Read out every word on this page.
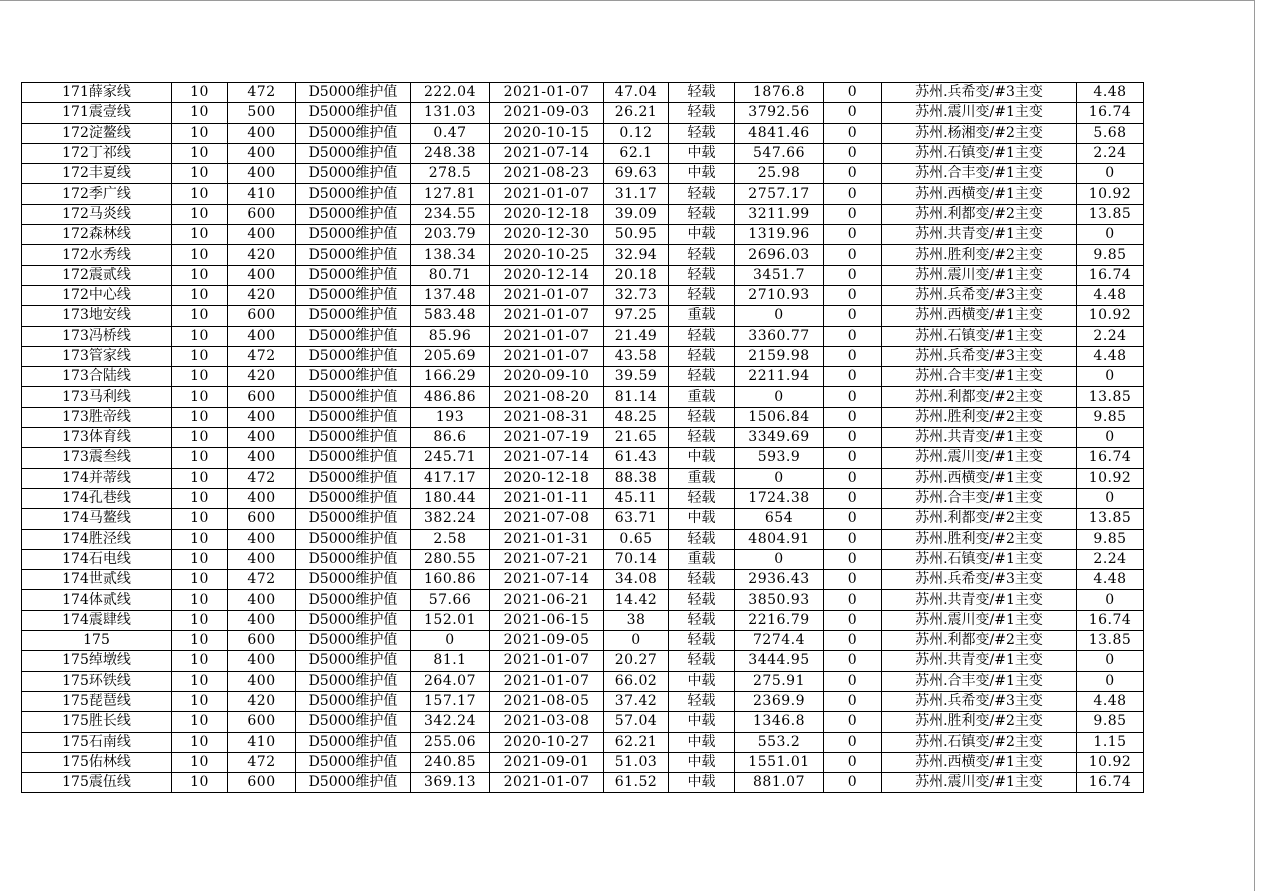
171薛家线	10	472	D5000维护值	222.04	2021-01-07	47.04	轻载	1876.8	0	苏州.兵希变/#3主变	4.48
171震壹线	10	500	D5000维护值	131.03	2021-09-03	26.21	轻载	3792.56	0	苏州.震川变/#1主变	16.74
172淀鳌线	10	400	D5000维护值	0.47	2020-10-15	0.12	轻载	4841.46	0	苏州.杨湘变/#2主变	5.68
172丁祁线	10	400	D5000维护值	248.38	2021-07-14	62.1	中载	547.66	0	苏州.石镇变/#1主变	2.24
172丰夏线	10	400	D5000维护值	278.5	2021-08-23	69.63	中载	25.98	0	苏州.合丰变/#1主变	0
172季广线	10	410	D5000维护值	127.81	2021-01-07	31.17	轻载	2757.17	0	苏州.西横变/#1主变	10.92
172马炎线	10	600	D5000维护值	234.55	2020-12-18	39.09	轻载	3211.99	0	苏州.利都变/#2主变	13.85
172森林线	10	400	D5000维护值	203.79	2020-12-30	50.95	中载	1319.96	0	苏州.共青变/#1主变	0
172水秀线	10	420	D5000维护值	138.34	2020-10-25	32.94	轻载	2696.03	0	苏州.胜利变/#2主变	9.85
172震贰线	10	400	D5000维护值	80.71	2020-12-14	20.18	轻载	3451.7	0	苏州.震川变/#1主变	16.74
172中心线	10	420	D5000维护值	137.48	2021-01-07	32.73	轻载	2710.93	0	苏州.兵希变/#3主变	4.48
173地安线	10	600	D5000维护值	583.48	2021-01-07	97.25	重载	0	0	苏州.西横变/#1主变	10.92
173冯桥线	10	400	D5000维护值	85.96	2021-01-07	21.49	轻载	3360.77	0	苏州.石镇变/#1主变	2.24
173管家线	10	472	D5000维护值	205.69	2021-01-07	43.58	轻载	2159.98	0	苏州.兵希变/#3主变	4.48
173合陆线	10	420	D5000维护值	166.29	2020-09-10	39.59	轻载	2211.94	0	苏州.合丰变/#1主变	0
173马利线	10	600	D5000维护值	486.86	2021-08-20	81.14	重载	0	0	苏州.利都变/#2主变	13.85
173胜帝线	10	400	D5000维护值	193	2021-08-31	48.25	轻载	1506.84	0	苏州.胜利变/#2主变	9.85
173体育线	10	400	D5000维护值	86.6	2021-07-19	21.65	轻载	3349.69	0	苏州.共青变/#1主变	0
173震叁线	10	400	D5000维护值	245.71	2021-07-14	61.43	中载	593.9	0	苏州.震川变/#1主变	16.74
174并蒂线	10	472	D5000维护值	417.17	2020-12-18	88.38	重载	0	0	苏州.西横变/#1主变	10.92
174孔巷线	10	400	D5000维护值	180.44	2021-01-11	45.11	轻载	1724.38	0	苏州.合丰变/#1主变	0
174马鳌线	10	600	D5000维护值	382.24	2021-07-08	63.71	中载	654	0	苏州.利都变/#2主变	13.85
174胜泾线	10	400	D5000维护值	2.58	2021-01-31	0.65	轻载	4804.91	0	苏州.胜利变/#2主变	9.85
174石电线	10	400	D5000维护值	280.55	2021-07-21	70.14	重载	0	0	苏州.石镇变/#1主变	2.24
174世贰线	10	472	D5000维护值	160.86	2021-07-14	34.08	轻载	2936.43	0	苏州.兵希变/#3主变	4.48
174体贰线	10	400	D5000维护值	57.66	2021-06-21	14.42	轻载	3850.93	0	苏州.共青变/#1主变	0
174震肆线	10	400	D5000维护值	152.01	2021-06-15	38	轻载	2216.79	0	苏州.震川变/#1主变	16.74
175	10	600	D5000维护值	0	2021-09-05	0	轻载	7274.4	0	苏州.利都变/#2主变	13.85
175绰墩线	10	400	D5000维护值	81.1	2021-01-07	20.27	轻载	3444.95	0	苏州.共青变/#1主变	0
175环铁线	10	400	D5000维护值	264.07	2021-01-07	66.02	中载	275.91	0	苏州.合丰变/#1主变	0
175琵琶线	10	420	D5000维护值	157.17	2021-08-05	37.42	轻载	2369.9	0	苏州.兵希变/#3主变	4.48
175胜长线	10	600	D5000维护值	342.24	2021-03-08	57.04	中载	1346.8	0	苏州.胜利变/#2主变	9.85
175石南线	10	410	D5000维护值	255.06	2020-10-27	62.21	中载	553.2	0	苏州.石镇变/#2主变	1.15
175佑林线	10	472	D5000维护值	240.85	2021-09-01	51.03	中载	1551.01	0	苏州.西横变/#1主变	10.92
175震伍线	10	600	D5000维护值	369.13	2021-01-07	61.52	中载	881.07	0	苏州.震川变/#1主变	16.74
